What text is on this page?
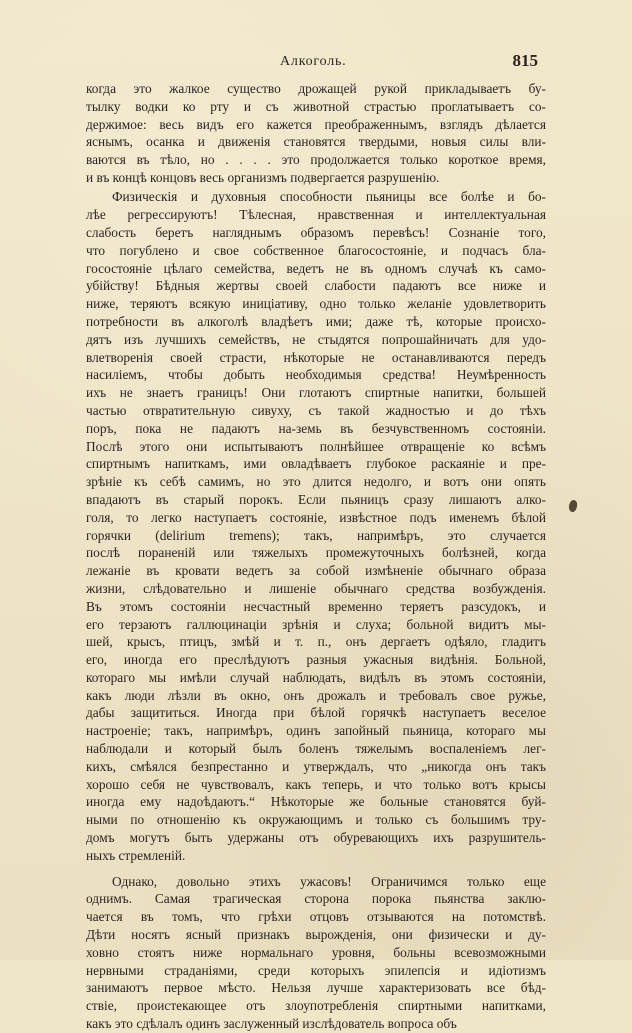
Алкоголь.	815
когда это жалкое существо дрожащей рукой прикладываетъ бу-
тылку водки ко рту и съ животной страстью проглатываетъ со-
держимое: весь видъ его кажется преображеннымъ, взглядъ дѣлается
яснымъ, осанка и движенія становятся твердыми, новыя силы вли-
ваются въ тѣло, но . . . . это продолжается только короткое время,
и въ концѣ концовъ весь организмъ подвергается разрушенію.
Физическія и духовныя способности пьяницы все болѣе и бо-
лѣе регрессируютъ! Тѣлесная, нравственная и интеллектуальная
слабость беретъ нагляднымъ образомъ перевѣсъ! Сознаніе того,
что погублено и свое собственное благосостояніе, и подчасъ бла-
госостояніе цѣлаго семейства, ведетъ не въ одномъ случаѣ къ само-
убійству! Бѣдныя жертвы своей слабости падаютъ все ниже и
ниже, теряютъ всякую иниціативу, одно только желаніе удовлетворить
потребности въ алкоголѣ владѣетъ ими; даже тѣ, которые происхо-
дятъ изъ лучшихъ семействъ, не стыдятся попрошайничать для удо-
влетворенія своей страсти, нѣкоторые не останавливаются передъ
насиліемъ, чтобы добыть необходимыя средства! Неумѣренность
ихъ не знаетъ границъ! Они глотаютъ спиртные напитки, большей
частью отвратительную сивуху, съ такой жадностью и до тѣхъ
поръ, пока не падаютъ на-земь въ безчувственномъ состояніи.
Послѣ этого они испытываютъ полнѣйшее отвращеніе ко всѣмъ
спиртнымъ напиткамъ, ими овладѣваетъ глубокое раскаяніе и пре-
зрѣніе къ себѣ самимъ, но это длится недолго, и вотъ они опять
впадаютъ въ старый порокъ. Если пьяницъ сразу лишаютъ алко-
голя, то легко наступаетъ состояніе, извѣстное подъ именемъ бѣлой
горячки (delirium tremens); такъ, напримѣръ, это случается
послѣ пораненій или тяжелыхъ промежуточныхъ болѣзней, когда
лежаніе въ кровати ведетъ за собой измѣненіе обычнаго образа
жизни, слѣдовательно и лишеніе обычнаго средства возбужденія.
Въ этомъ состояніи несчастный временно теряетъ разсудокъ, и
его терзаютъ галлюцинаціи зрѣнія и слуха; больной видитъ мы-
шей, крысъ, птицъ, змѣй и т. п., онъ дергаетъ одѣяло, гладитъ
его, иногда его преслѣдуютъ разныя ужасныя видѣнія. Больной,
котораго мы имѣли случай наблюдать, видѣлъ въ этомъ состояніи,
какъ люди лѣзли въ окно, онъ дрожалъ и требовалъ свое ружье,
дабы защититься. Иногда при бѣлой горячкѣ наступаетъ веселое
настроеніе; такъ, напримѣръ, одинъ запойный пьяница, котораго мы
наблюдали и который былъ боленъ тяжелымъ воспаленіемъ лег-
кихъ, смѣялся безпрестанно и утверждалъ, что „никогда онъ такъ
хорошо себя не чувствовалъ, какъ теперь, и что только вотъ крысы
иногда ему надоѣдаютъ.“ Нѣкоторые же больные становятся буй-
ными по отношенію къ окружающимъ и только съ большимъ тру-
домъ могутъ быть удержаны отъ обуревающихъ ихъ разрушитель-
ныхъ стремленій.
Однако, довольно этихъ ужасовъ! Ограничимся только еще
однимъ. Самая трагическая сторона порока пьянства заклю-
чается въ томъ, что грѣхи отцовъ отзываются на потомствѣ.
Дѣти носятъ ясный признакъ вырожденія, они физически и ду-
ховно стоятъ ниже нормальнаго уровня, больны всевозможными
нервными страданіями, среди которыхъ эпилепсія и идіотизмъ
занимаютъ первое мѣсто. Нельзя лучше характеризовать все бѣд-
ствіе, проистекающее отъ злоупотребленія спиртными напитками,
какъ это сдѣлалъ одинъ заслуженный изслѣдователь вопроса объ
